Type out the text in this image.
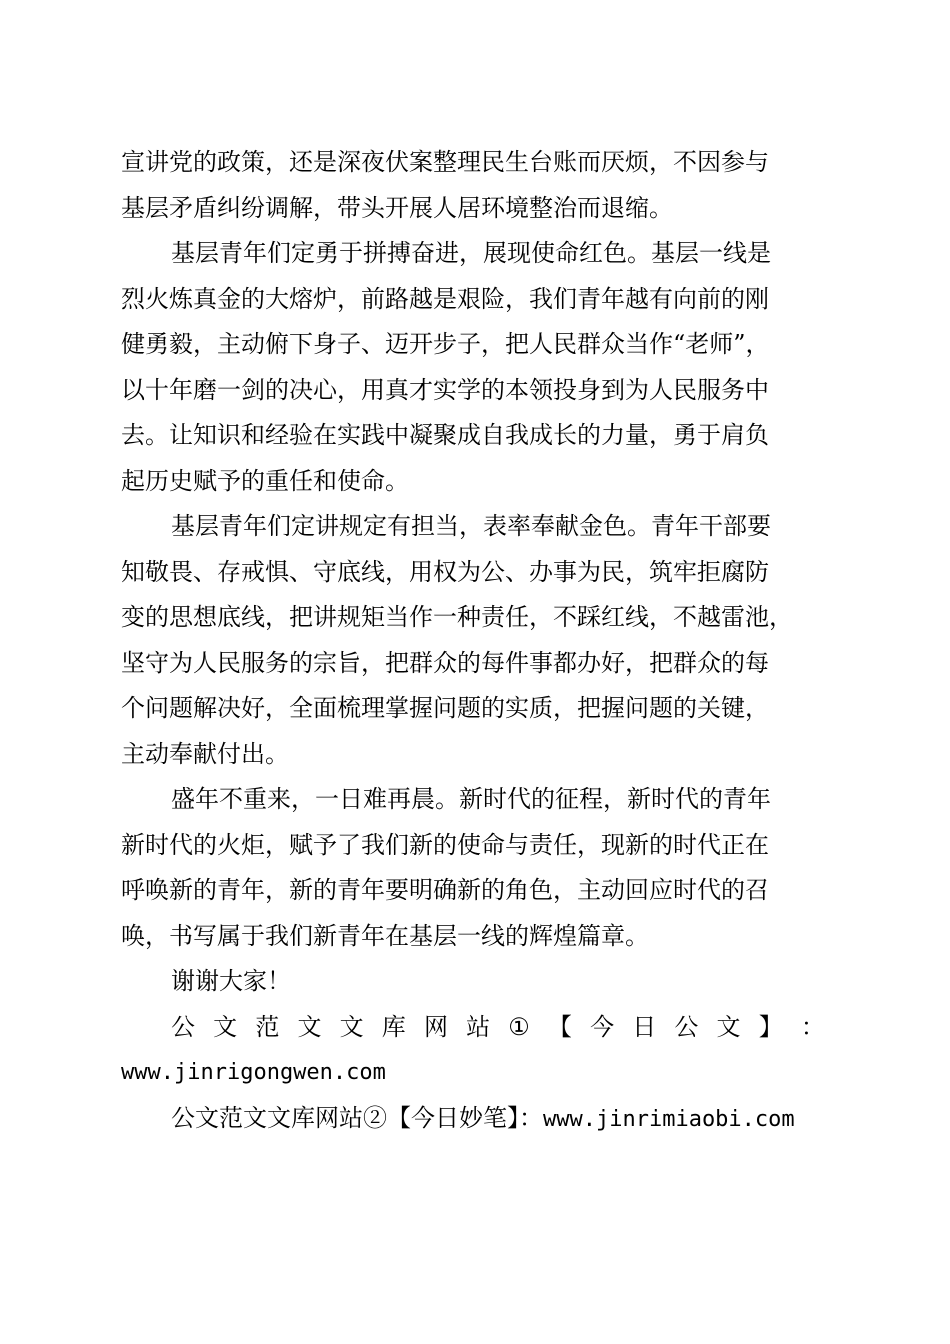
宣讲党的政策，还是深夜伏案整理民生台账而厌烦，不因参与
基层矛盾纠纷调解，带头开展人居环境整治而退缩。
基层青年们定勇于拼搏奋进，展现使命红色。基层一线是
烈火炼真金的大熔炉，前路越是艰险，我们青年越有向前的刚
健勇毅，主动俯下身子、迈开步子，把人民群众当作“老师”，
以十年磨一剑的决心，用真才实学的本领投身到为人民服务中
去。让知识和经验在实践中凝聚成自我成长的力量，勇于肩负
起历史赋予的重任和使命。
基层青年们定讲规定有担当，表率奉献金色。青年干部要
知敬畏、存戒惧、守底线，用权为公、办事为民，筑牢拒腐防
变的思想底线，把讲规矩当作一种责任，不踩红线，不越雷池，
坚守为人民服务的宗旨，把群众的每件事都办好，把群众的每
个问题解决好，全面梳理掌握问题的实质，把握问题的关键，
主动奉献付出。
盛年不重来，一日难再晨。新时代的征程，新时代的青年
新时代的火炬，赋予了我们新的使命与责任，现新的时代正在
呼唤新的青年，新的青年要明确新的角色，主动回应时代的召
唤，书写属于我们新青年在基层一线的辉煌篇章。
谢谢大家！
公 文 范 文 文 库 网 站 ① 【 今 日 公 文 】 ：
www.jinrigongwen.com
公文范文文库网站②【今日妙笔】：www.jinrimiaobi.com
